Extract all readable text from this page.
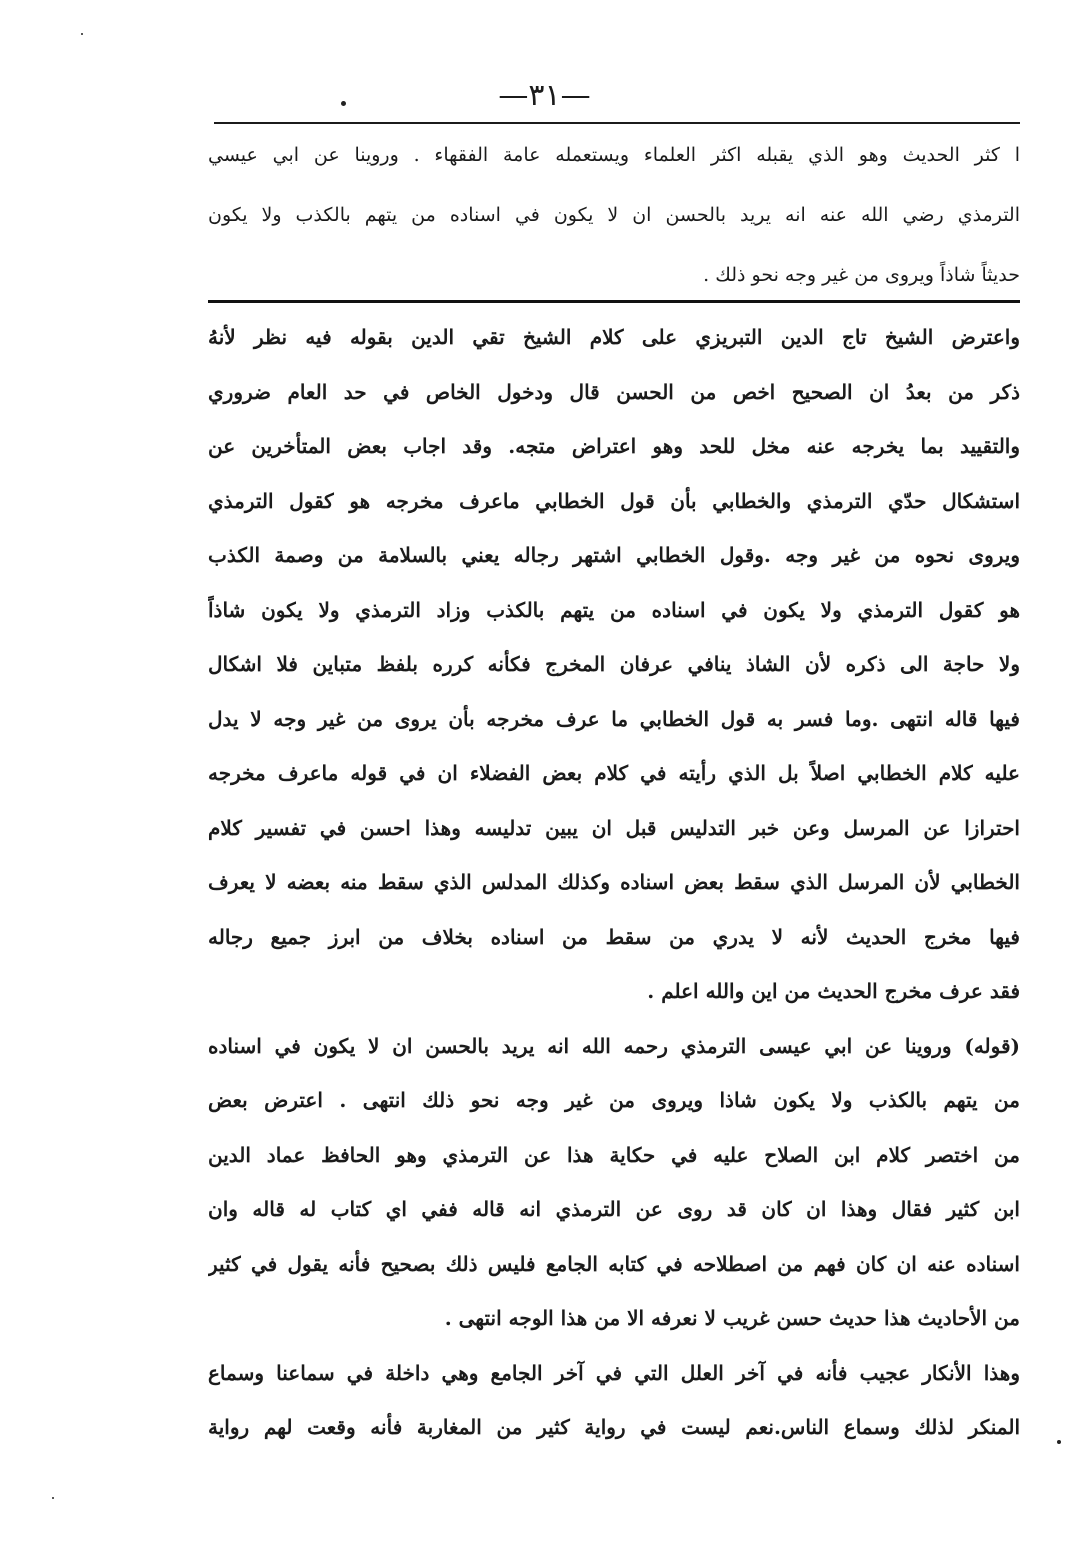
—٣١—
ا كثر الحديث وهو الذي يقبله اكثر العلماء ويستعمله عامة الفقهاء . وروينا عن ابي عيسي
الترمذي رضي الله عنه انه يريد بالحسن ان لا يكون في اسناده من يتهم بالكذب ولا يكون
حديثاً شاذاً ويروى من غير وجه نحو ذلك .
واعترض الشيخ تاج الدين التبريزي على كلام الشيخ تقي الدين بقوله فيه نظر لأنهُ
ذكر من بعدُ ان الصحيح اخص من الحسن قال ودخول الخاص في حد العام ضروري
والتقييد بما يخرجه عنه مخل للحد وهو اعتراض متجه. وقد اجاب بعض المتأخرين عن
استشكال حدّي الترمذي والخطابي بأن قول الخطابي ماعرف مخرجه هو كقول الترمذي
ويروى نحوه من غير وجه .وقول الخطابي اشتهر رجاله يعني بالسلامة من وصمة الكذب
هو كقول الترمذي ولا يكون في اسناده من يتهم بالكذب وزاد الترمذي ولا يكون شاذاً
ولا حاجة الى ذكره لأن الشاذ ينافي عرفان المخرج فكأنه كرره بلفظ متباين فلا اشكال
فيها قاله انتهى .وما فسر به قول الخطابي ما عرف مخرجه بأن يروى من غير وجه لا يدل
عليه كلام الخطابي اصلاً بل الذي رأيته في كلام بعض الفضلاء ان في قوله ماعرف مخرجه
احترازا عن المرسل وعن خبر التدليس قبل ان يبين تدليسه وهذا احسن في تفسير كلام
الخطابي لأن المرسل الذي سقط بعض اسناده وكذلك المدلس الذي سقط منه بعضه لا يعرف
فيها مخرج الحديث لأنه لا يدري من سقط من اسناده بخلاف من ابرز جميع رجاله
فقد عرف مخرج الحديث من اين والله اعلم .
(قوله) وروينا عن ابي عيسى الترمذي رحمه الله انه يريد بالحسن ان لا يكون في اسناده
من يتهم بالكذب ولا يكون شاذا ويروى من غير وجه نحو ذلك انتهى . اعترض بعض
من اختصر كلام ابن الصلاح عليه في حكاية هذا عن الترمذي وهو الحافظ عماد الدين
ابن كثير فقال وهذا ان كان قد روى عن الترمذي انه قاله ففي اي كتاب له قاله وان
اسناده عنه ان كان فهم من اصطلاحه في كتابه الجامع فليس ذلك بصحيح فأنه يقول في كثير
من الأحاديث هذا حديث حسن غريب لا نعرفه الا من هذا الوجه انتهى .
وهذا الأنكار عجيب فأنه في آخر العلل التي في آخر الجامع وهي داخلة في سماعنا وسماع
المنكر لذلك وسماع الناس.نعم ليست في رواية كثير من المغاربة فأنه وقعت لهم رواية
